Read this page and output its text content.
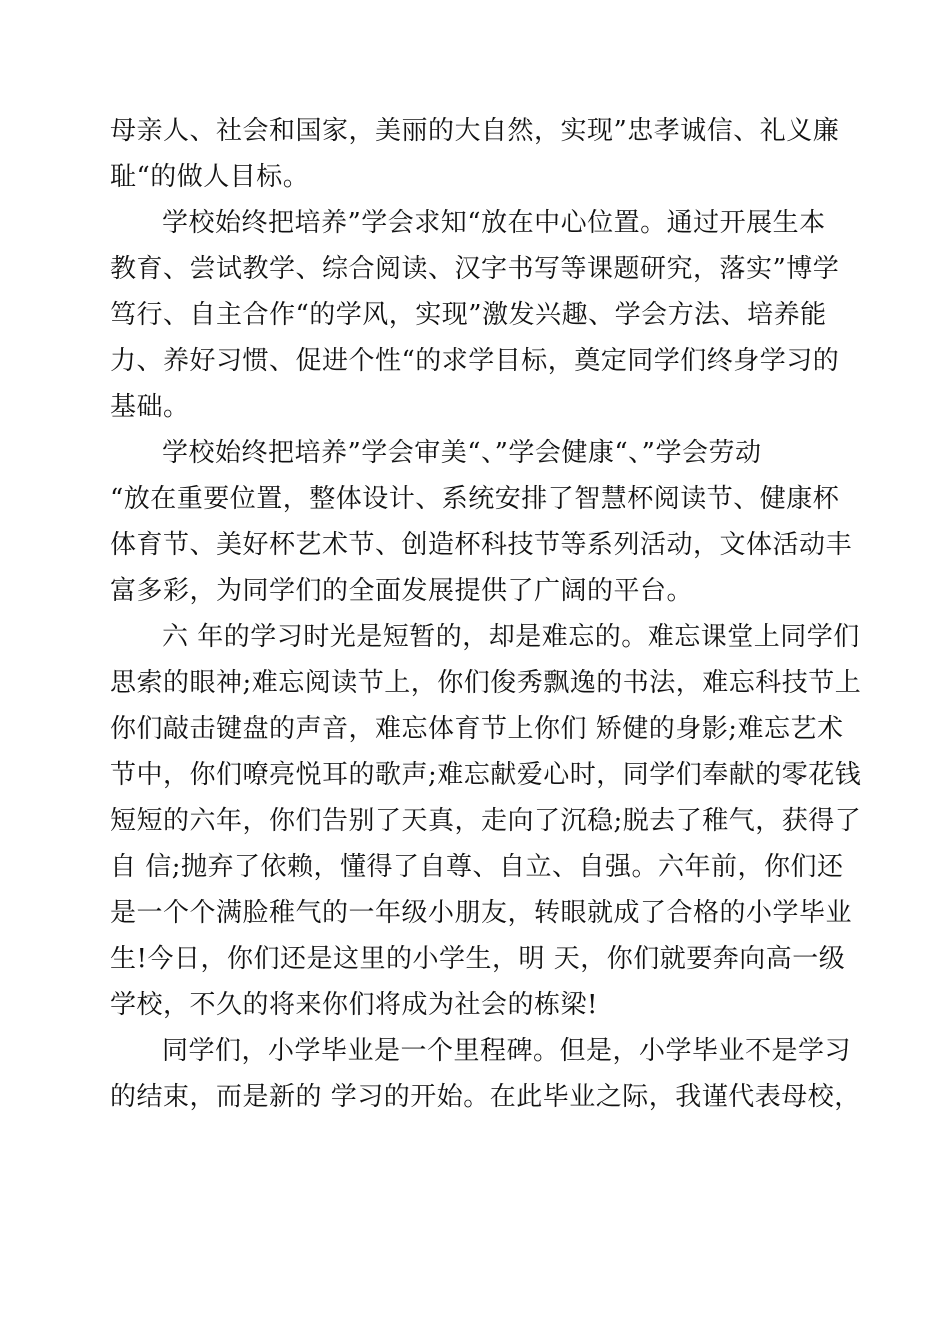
母亲人、社会和国家，美丽的大自然，实现”忠孝诚信、礼义廉
耻“的做人目标。
学校始终把培养”学会求知“放在中心位置。通过开展生本
教育、尝试教学、综合阅读、汉字书写等课题研究，落实”博学
笃行、自主合作“的学风，实现”激发兴趣、学会方法、培养能
力、养好习惯、促进个性“的求学目标，奠定同学们终身学习的
基础。
学校始终把培养”学会审美“、”学会健康“、”学会劳动
“放在重要位置，整体设计、系统安排了智慧杯阅读节、健康杯
体育节、美好杯艺术节、创造杯科技节等系列活动，文体活动丰
富多彩，为同学们的全面发展提供了广阔的平台。
六 年的学习时光是短暂的，却是难忘的。难忘课堂上同学们
思索的眼神;难忘阅读节上，你们俊秀飘逸的书法，难忘科技节上
你们敲击键盘的声音，难忘体育节上你们 矫健的身影;难忘艺术
节中，你们嘹亮悦耳的歌声;难忘献爱心时，同学们奉献的零花钱
短短的六年，你们告别了天真，走向了沉稳;脱去了稚气，获得了
自 信;抛弃了依赖，懂得了自尊、自立、自强。六年前，你们还
是一个个满脸稚气的一年级小朋友，转眼就成了合格的小学毕业
生!今日，你们还是这里的小学生，明 天，你们就要奔向高一级
学校，不久的将来你们将成为社会的栋梁!
同学们，小学毕业是一个里程碑。但是，小学毕业不是学习
的结束，而是新的 学习的开始。在此毕业之际，我谨代表母校，
